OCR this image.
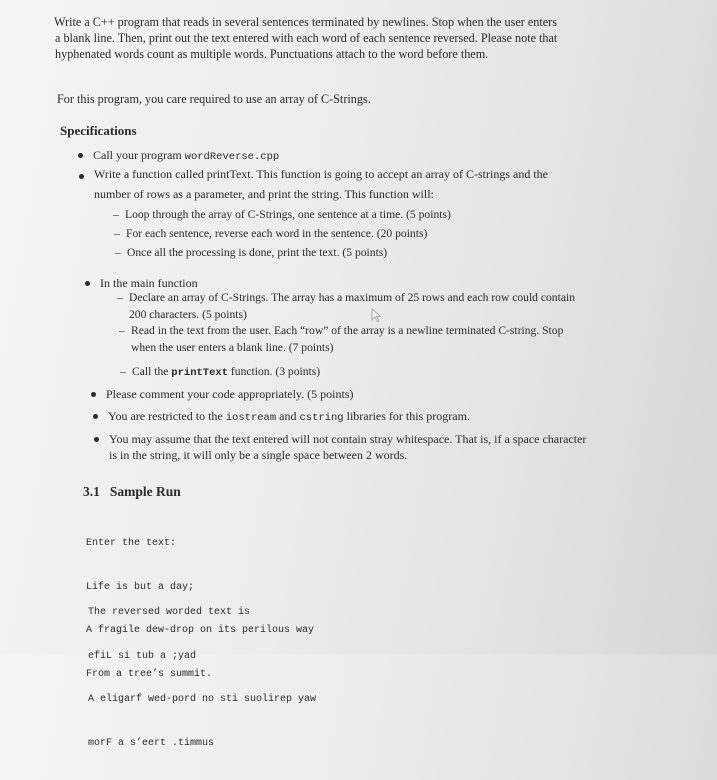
Write a C++ program that reads in several sentences terminated by newlines. Stop when the user enters
a blank line. Then, print out the text entered with each word of each sentence reversed. Please note that
hyphenated words count as multiple words. Punctuations attach to the word before them.
For this program, you care required to use an array of C-Strings.
Specifications
Call your program wordReverse.cpp
Write a function called printText. This function is going to accept an array of C-strings and the
number of rows as a parameter, and print the string. This function will:
– Loop through the array of C-Strings, one sentence at a time. (5 points)
– For each sentence, reverse each word in the sentence. (20 points)
– Once all the processing is done, print the text. (5 points)
In the main function
– Declare an array of C-Strings. The array has a maximum of 25 rows and each row could contain
200 characters. (5 points)
– Read in the text from the user. Each “row” of the array is a newline terminated C-string. Stop
when the user enters a blank line. (7 points)
– Call the printText function. (3 points)
Please comment your code appropriately. (5 points)
You are restricted to the iostream and cstring libraries for this program.
You may assume that the text entered will not contain stray whitespace. That is, if a space character
is in the string, it will only be a single space between 2 words.
3.1 Sample Run

Enter the text:

Life is but a day;

A fragile dew-drop on its perilous way

From a tree’s summit.

The reversed worded text is

efiL si tub a ;yad

A eligarf wed-pord no sti suolirep yaw

morF a s’eert .timmus
